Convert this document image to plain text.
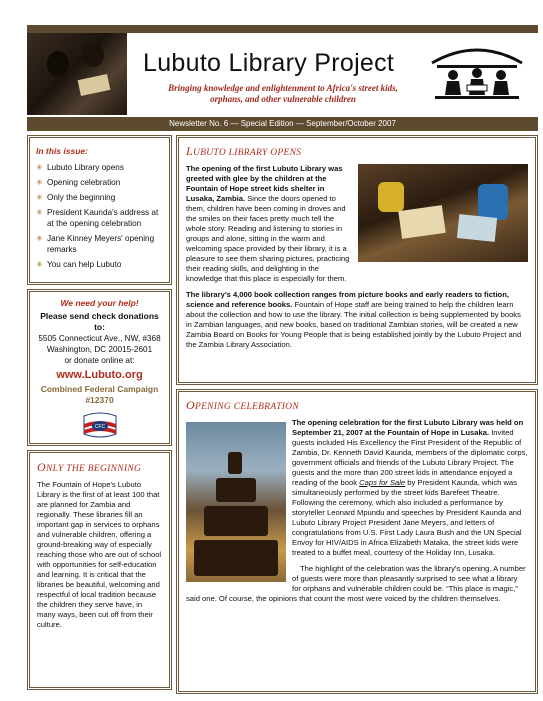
Lubuto Library Project
Bringing knowledge and enlightenment to Africa's street kids,
orphans, and other vulnerable children
Newsletter No. 6 — Special Edition — September/October 2007
In this issue:
✳ Lubuto Library opens
✳ Opening celebration
✳ Only the beginning
✳ President Kaunda's address at at the opening celebration
✳ Jane Kinney Meyers' opening remarks
✳ You can help Lubuto
We need your help!
Please send check donations to:
5505 Connecticut Ave., NW, #368
Washington, DC 20015-2601
or donate online at:
www.Lubuto.org
Combined Federal Campaign
#12370
CFC
ONLY THE BEGINNING

The Fountain of Hope's Lubuto Library is the first of at least 100 that are planned for Zambia and regionally. These libraries fill an important gap in services to orphans and vulnerable children, offering a ground-breaking way of especially reaching those who are out of school with opportunities for self-education and learning. It is critical that the libraries be beautiful, welcoming and respectful of local tradition because the children they serve have, in many ways, been cut off from their culture.

LUBUTO LIBRARY OPENS

The opening of the first Lubuto Library was greeted with glee by the children at the Fountain of Hope street kids shelter in Lusaka, Zambia. Since the doors opened to them, children have been coming in droves and the smiles on their faces pretty much tell the whole story. Reading and listening to stories in groups and alone, sitting in the warm and welcoming space provided by their library, it is a pleasure to see them sharing pictures, practicing their reading skills, and delighting in the knowledge that this place is especially for them.

The library's 4,000 book collection ranges from picture books and early readers to fiction, science and reference books. Fountain of Hope staff are being trained to help the children learn about the collection and how to use the library. The initial collection is being supplemented by books in Zambian languages, and new books, based on traditional Zambian stories, will be created a new Zambia Board on Books for Young People that is being established jointly by the Lubuto Project and the Zambia Library Association.

OPENING CELEBRATION

The opening celebration for the first Lubuto Library was held on September 21, 2007 at the Fountain of Hope in Lusaka. Invited guests included His Excellency the First President of the Republic of Zambia, Dr. Kenneth David Kaunda, members of the diplomatic corps, government officials and friends of the Lubuto Library Project. The guests and the more than 200 street kids in attendance enjoyed a reading of the book Caps for Sale by President Kaunda, which was simultaneously performed by the street kids Barefeet Theatre. Following the ceremony, which also included a performance by storyteller Leonard Mpundu and speeches by President Kaunda and Lubuto Library Project President Jane Meyers, and letters of congratulations from U.S. First Lady Laura Bush and the UN Special Envoy for HIV/AIDS in Africa Elizabeth Mataka, the street kids were treated to a buffet meal, courtesy of the Holiday Inn, Lusaka.

The highlight of the celebration was the library's opening. A number of guests were more than pleasantly surprised to see what a library for orphans and vulnerable children could be. “This place is magic,” said one. Of course, the opinions that count the most were voiced by the children themselves.
